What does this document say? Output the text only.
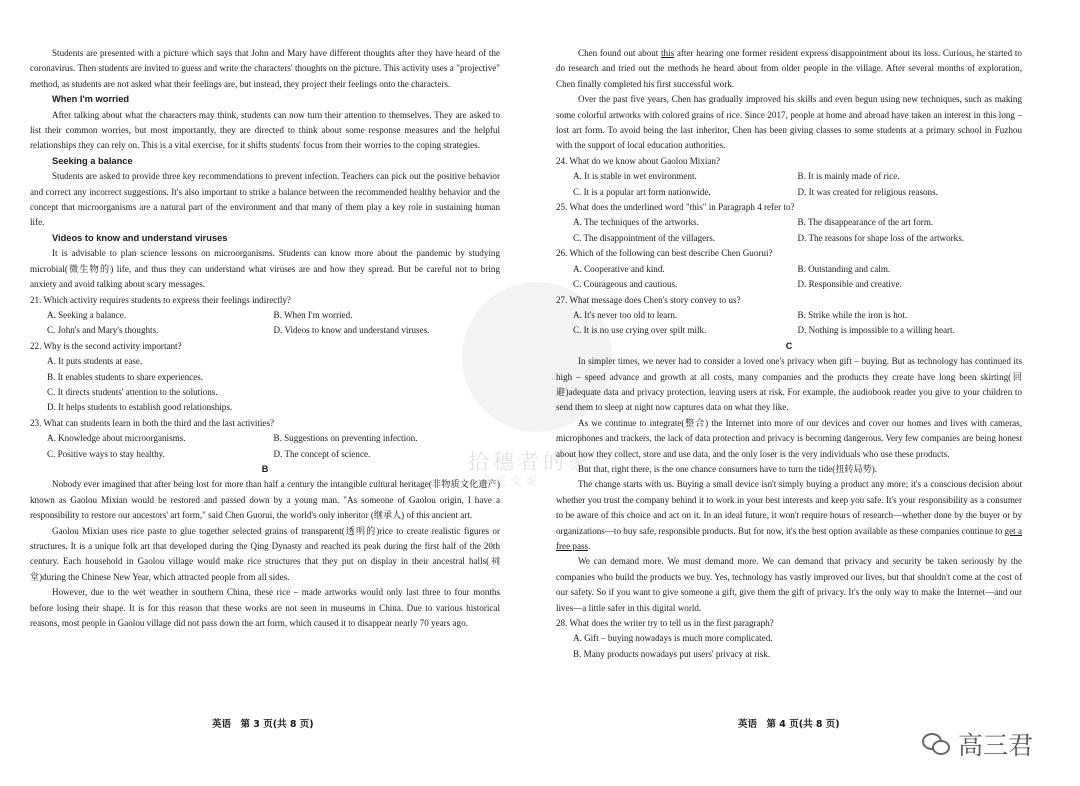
拾穗者的家
全班文案

Students are presented with a picture which says that John and Mary have different thoughts after they have heard of the coronavirus. Then students are invited to guess and write the characters' thoughts on the picture. This activity uses a "projective" method, as students are not asked what their feelings are, but instead, they project their feelings onto the characters.

When I'm worried

After talking about what the characters may think, students can now turn their attention to themselves. They are asked to list their common worries, but most importantly, they are directed to think about some response measures and the helpful relationships they can rely on. This is a vital exercise, for it shifts students' focus from their worries to the coping strategies.

Seeking a balance

Students are asked to provide three key recommendations to prevent infection. Teachers can pick out the positive behavior and correct any incorrect suggestions. It's also important to strike a balance between the recommended healthy behavior and the concept that microorganisms are a natural part of the environment and that many of them play a key role in sustaining human life.

Videos to know and understand viruses

It is advisable to plan science lessons on microorganisms. Students can know more about the pandemic by studying microbial(微生物的) life, and thus they can understand what viruses are and how they spread. But be careful not to bring anxiety and avoid talking about scary messages.

21. Which activity requires students to express their feelings indirectly?
A. Seeking a balance.	B. When I'm worried.
C. John's and Mary's thoughts.	D. Videos to know and understand viruses.
22. Why is the second activity important?
A. It puts students at ease.
B. It enables students to share experiences.
C. It directs students' attention to the solutions.
D. It helps students to establish good relationships.
23. What can students learn in both the third and the last activities?
A. Knowledge about microorganisms.	B. Suggestions on preventing infection.
C. Positive ways to stay healthy.	D. The concept of science.
B

Nobody ever imagined that after being lost for more than half a century the intangible cultural heritage(非物质文化遗产) known as Gaolou Mixian would be restored and passed down by a young man. "As someone of Gaolou origin, I have a responsibility to restore our ancestors' art form," said Chen Guorui, the world's only inheritor (继承人) of this ancient art.

Gaolou Mixian uses rice paste to glue together selected grains of transparent(透明的)rice to create realistic figures or structures. It is a unique folk art that developed during the Qing Dynasty and reached its peak during the first half of the 20th century. Each household in Gaolou village would make rice structures that they put on display in their ancestral halls(祠堂)during the Chinese New Year, which attracted people from all sides.

However, due to the wet weather in southern China, these rice – made artworks would only last three to four months before losing their shape. It is for this reason that these works are not seen in museums in China. Due to various historical reasons, most people in Gaolou village did not pass down the art form, which caused it to disappear nearly 70 years ago.

英语　第 3 页(共 8 页)

Chen found out about this after hearing one former resident express disappointment about its loss. Curious, he started to do research and tried out the methods he heard about from older people in the village. After several months of exploration, Chen finally completed his first successful work.

Over the past five years, Chen has gradually improved his skills and even begun using new techniques, such as making some colorful artworks with colored grains of rice. Since 2017, people at home and abroad have taken an interest in this long – lost art form. To avoid being the last inheritor, Chen has been giving classes to some students at a primary school in Fuzhou with the support of local education authorities.

24. What do we know about Gaolou Mixian?
A. It is stable in wet environment.	B. It is mainly made of rice.
C. It is a popular art form nationwide.	D. It was created for religious reasons.
25. What does the underlined word "this" in Paragraph 4 refer to?
A. The techniques of the artworks.	B. The disappearance of the art form.
C. The disappointment of the villagers.	D. The reasons for shape loss of the artworks.
26. Which of the following can best describe Chen Guorui?
A. Cooperative and kind.	B. Outstanding and calm.
C. Courageous and cautious.	D. Responsible and creative.
27. What message does Chen's story convey to us?
A. It's never too old to learn.	B. Strike while the iron is hot.
C. It is no use crying over spilt milk.	D. Nothing is impossible to a willing heart.
C

In simpler times, we never had to consider a loved one's privacy when gift – buying. But as technology has continued its high – speed advance and growth at all costs, many companies and the products they create have long been skirting(回避)adequate data and privacy protection, leaving users at risk. For example, the audiobook reader you give to your children to send them to sleep at night now captures data on what they like.

As we continue to integrate(整合) the Internet into more of our devices and cover our homes and lives with cameras, microphones and trackers, the lack of data protection and privacy is becoming dangerous. Very few companies are being honest about how they collect, store and use data, and the only loser is the very individuals who use these products.

But that, right there, is the one chance consumers have to turn the tide(扭转局势).

The change starts with us. Buying a small device isn't simply buying a product any more; it's a conscious decision about whether you trust the company behind it to work in your best interests and keep you safe. It's your responsibility as a consumer to be aware of this choice and act on it. In an ideal future, it won't require hours of research—whether done by the buyer or by organizations—to buy safe, responsible products. But for now, it's the best option available as these companies continue to get a free pass.

We can demand more. We must demand more. We can demand that privacy and security be taken seriously by the companies who build the products we buy. Yes, technology has vastly improved our lives, but that shouldn't come at the cost of our safety. So if you want to give someone a gift, give them the gift of privacy. It's the only way to make the Internet—and our lives—a little safer in this digital world.

28. What does the writer try to tell us in the first paragraph?
A. Gift – buying nowadays is much more complicated.
B. Many products nowadays put users' privacy at risk.
英语　第 4 页(共 8 页)
高三君
